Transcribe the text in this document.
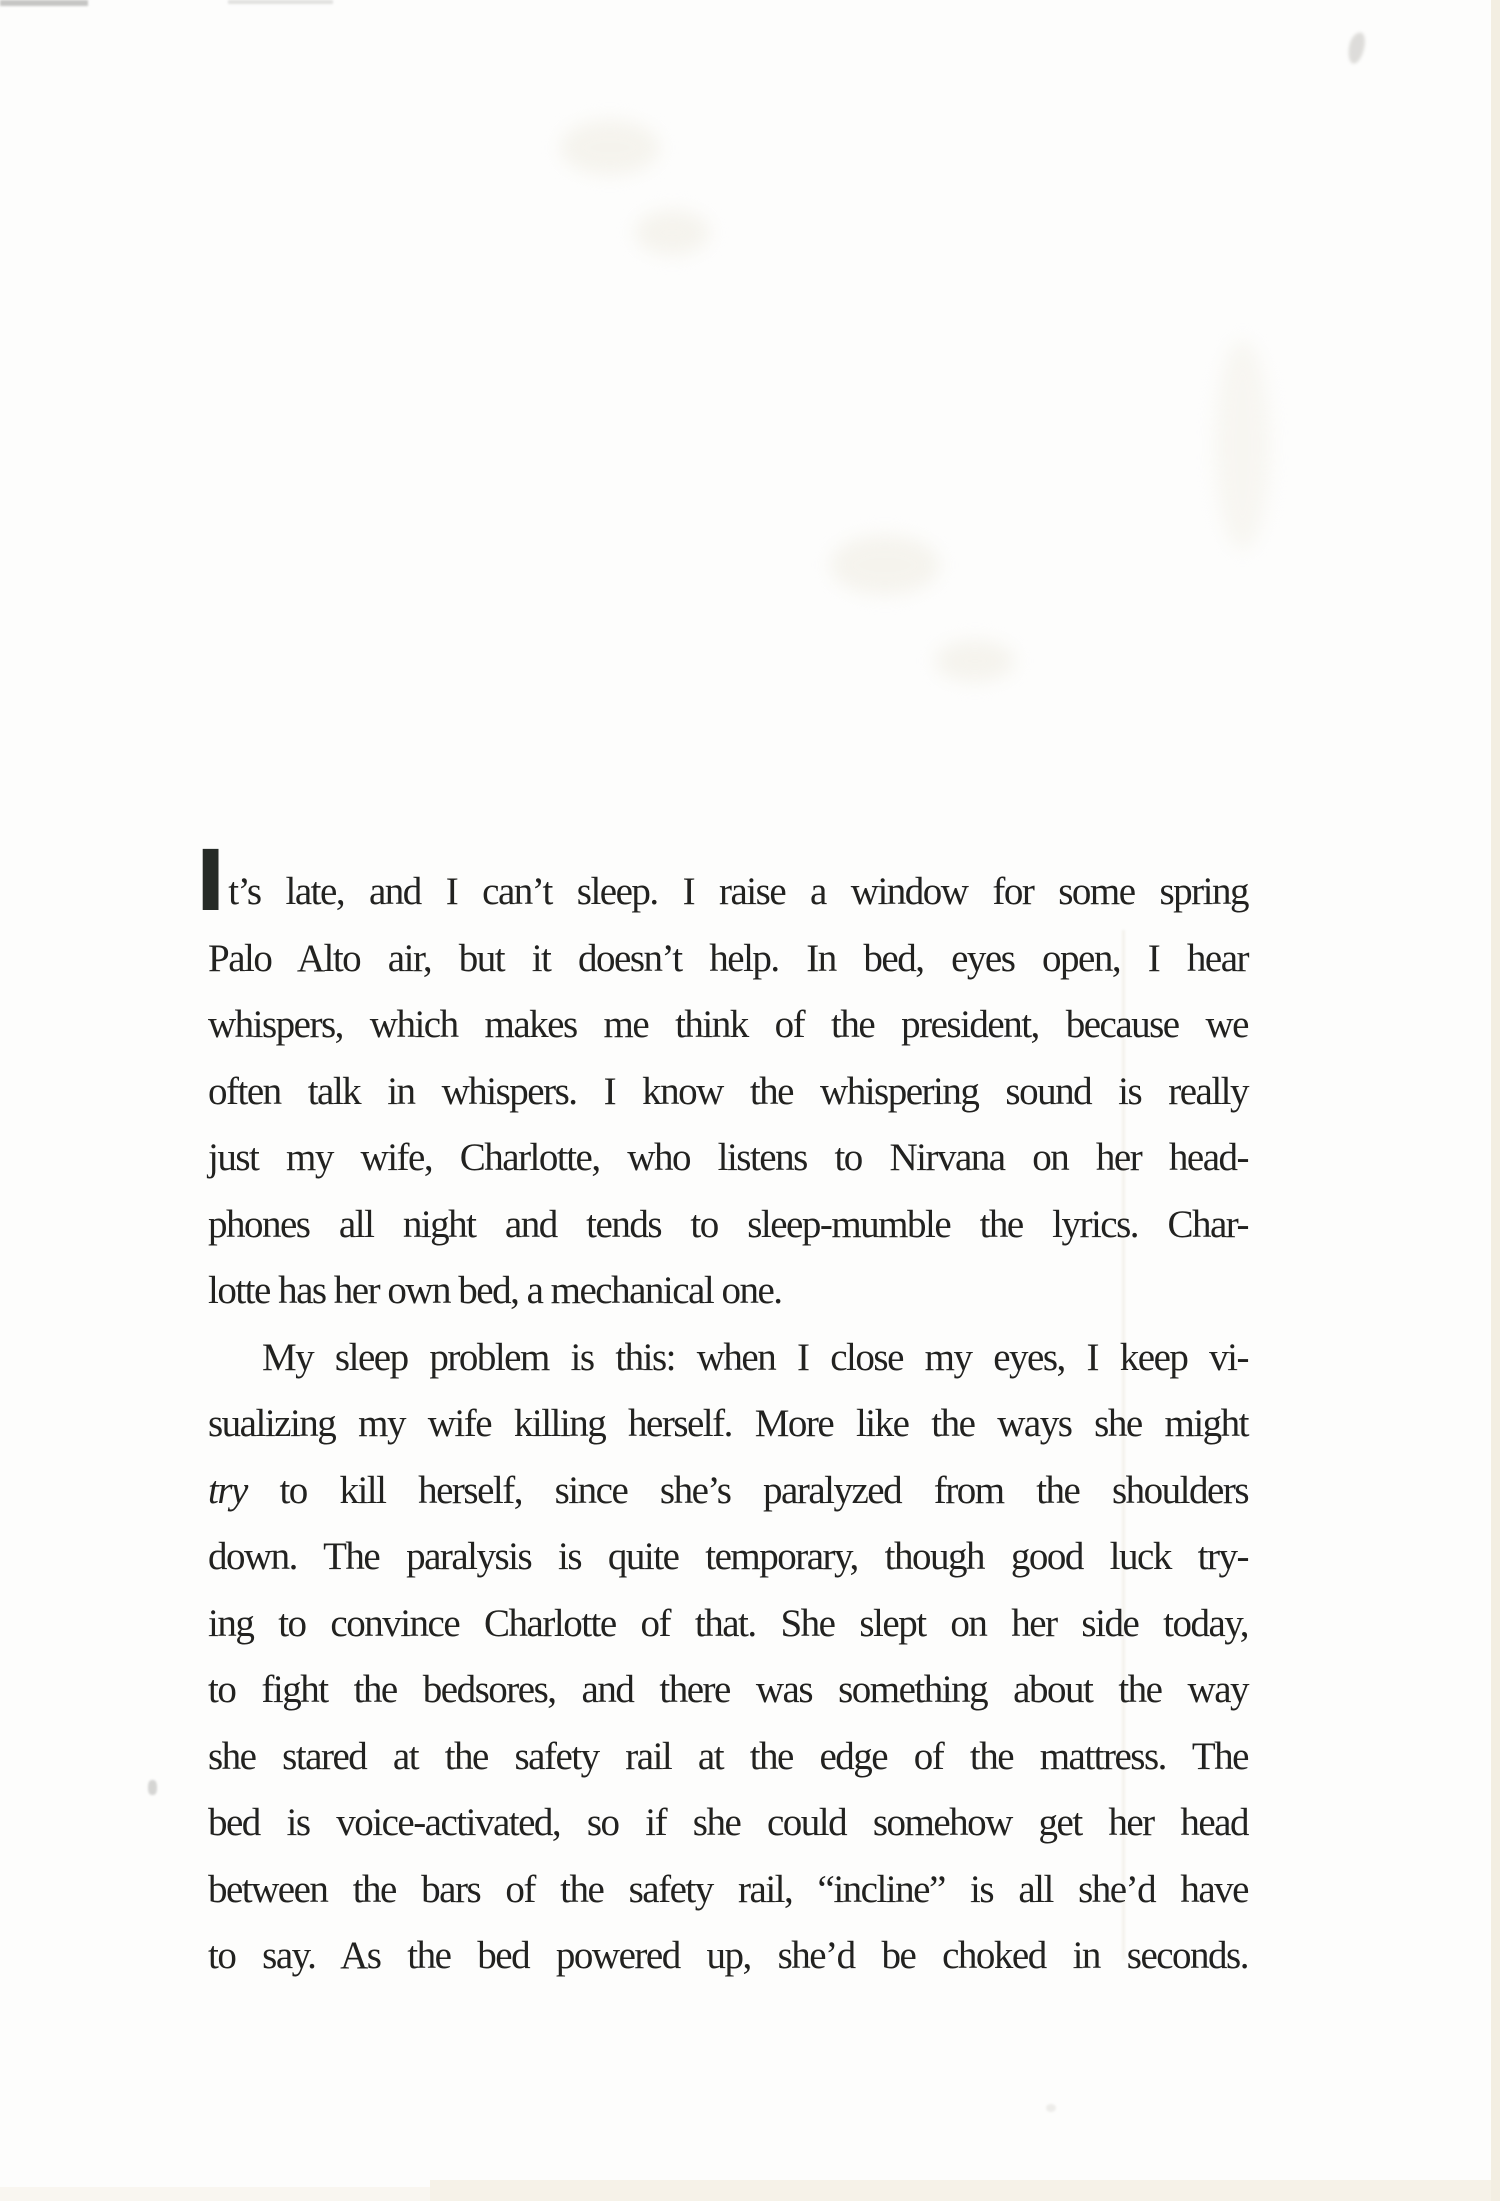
It’s late, and I can’t sleep. I raise a window for some spring
Palo Alto air, but it doesn’t help. In bed, eyes open, I hear
whispers, which makes me think of the president, because we
often talk in whispers. I know the whispering sound is really
just my wife, Charlotte, who listens to Nirvana on her head-
phones all night and tends to sleep-mumble the lyrics. Char-
lotte has her own bed, a mechanical one.
My sleep problem is this: when I close my eyes, I keep vi-
sualizing my wife killing herself. More like the ways she might
try to kill herself, since she’s paralyzed from the shoulders
down. The paralysis is quite temporary, though good luck try-
ing to convince Charlotte of that. She slept on her side today,
to fight the bedsores, and there was something about the way
she stared at the safety rail at the edge of the mattress. The
bed is voice-activated, so if she could somehow get her head
between the bars of the safety rail, “incline” is all she’d have
to say. As the bed powered up, she’d be choked in seconds.
